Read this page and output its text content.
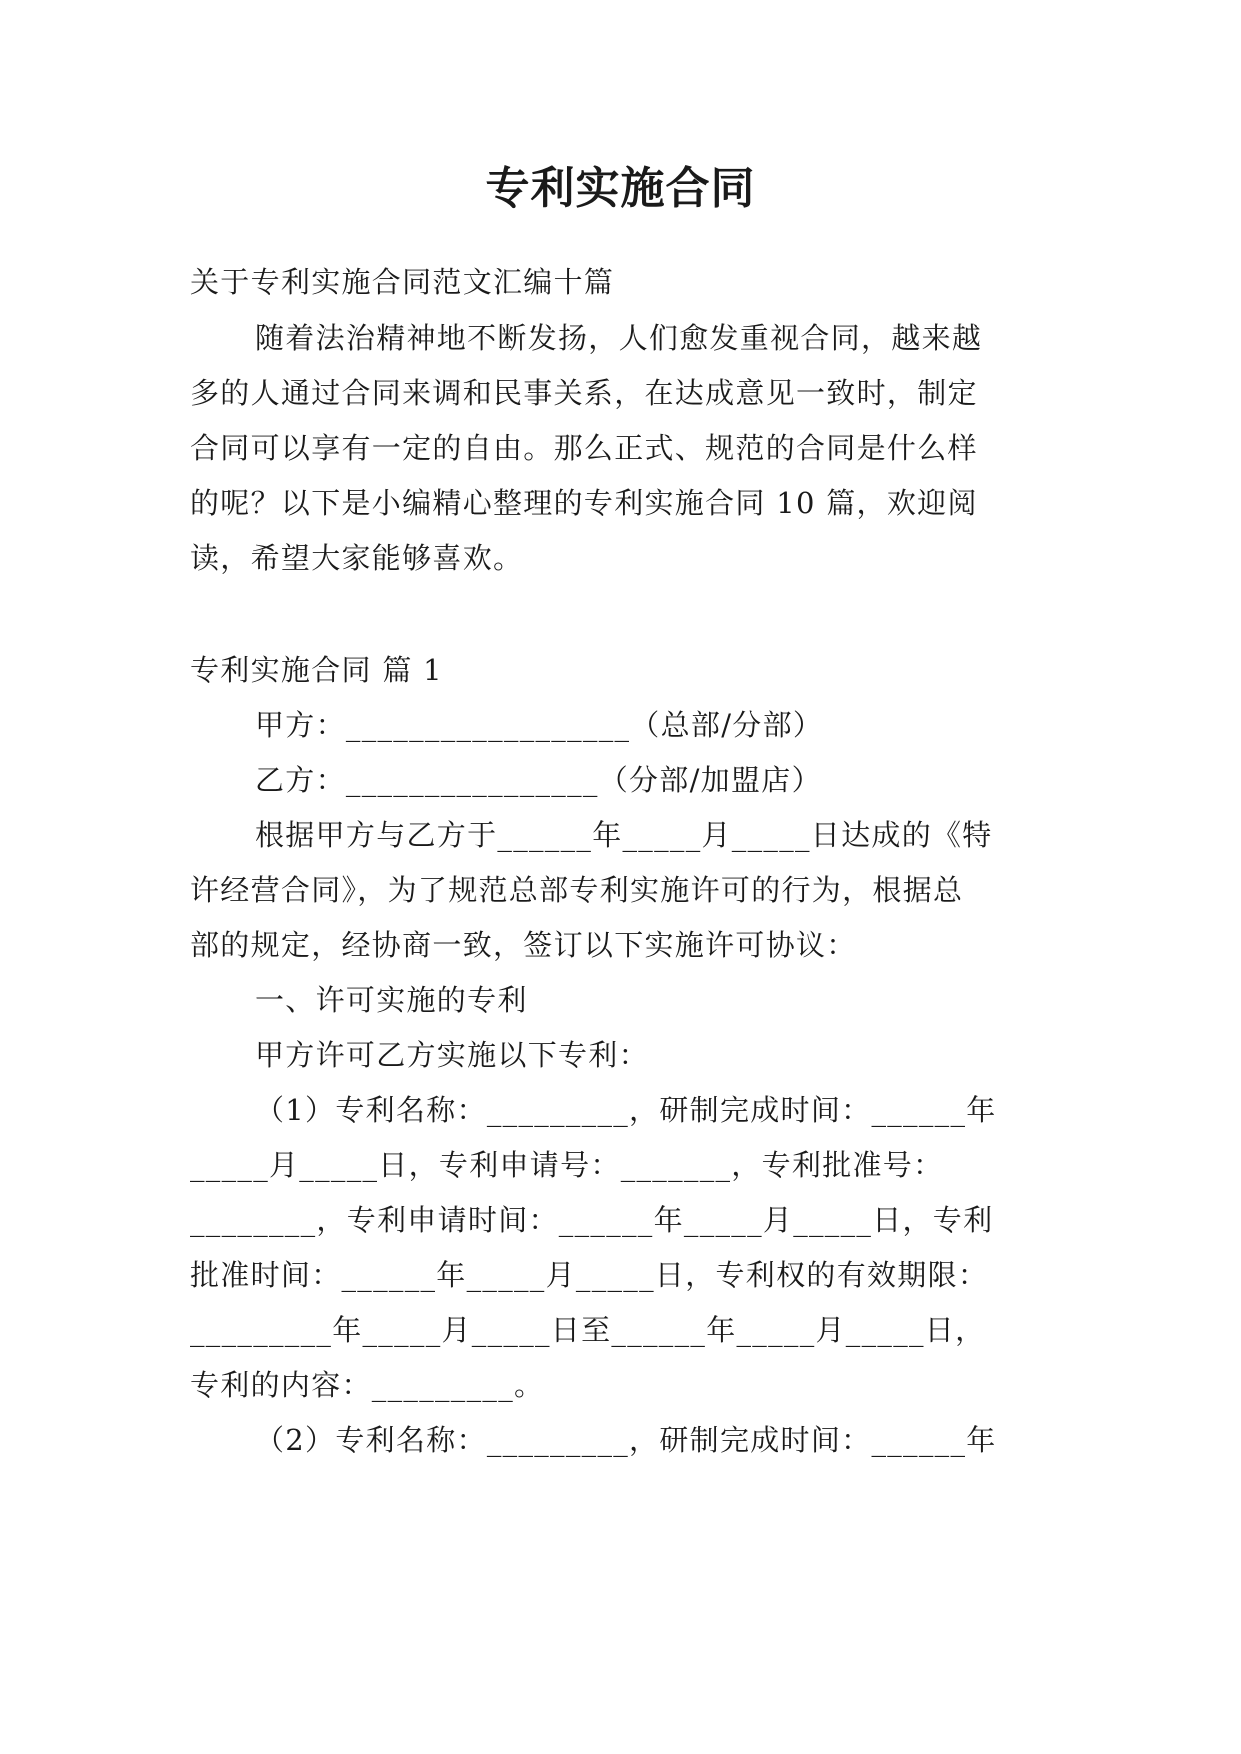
专利实施合同
关于专利实施合同范文汇编十篇
随着法治精神地不断发扬，人们愈发重视合同，越来越
多的人通过合同来调和民事关系，在达成意见一致时，制定
合同可以享有一定的自由。那么正式、规范的合同是什么样
的呢？以下是小编精心整理的专利实施合同 10 篇，欢迎阅
读，希望大家能够喜欢。
专利实施合同 篇 1
甲方：__________________（总部/分部）
乙方：________________（分部/加盟店）
根据甲方与乙方于______年_____月_____日达成的《特
许经营合同》，为了规范总部专利实施许可的行为，根据总
部的规定，经协商一致，签订以下实施许可协议：
一、许可实施的专利
甲方许可乙方实施以下专利：
（1）专利名称：_________，研制完成时间：______年
_____月_____日，专利申请号：_______，专利批准号：
________，专利申请时间：______年_____月_____日，专利
批准时间：______年_____月_____日，专利权的有效期限：
_________年_____月_____日至______年_____月_____日，
专利的内容：_________。
（2）专利名称：_________，研制完成时间：______年
